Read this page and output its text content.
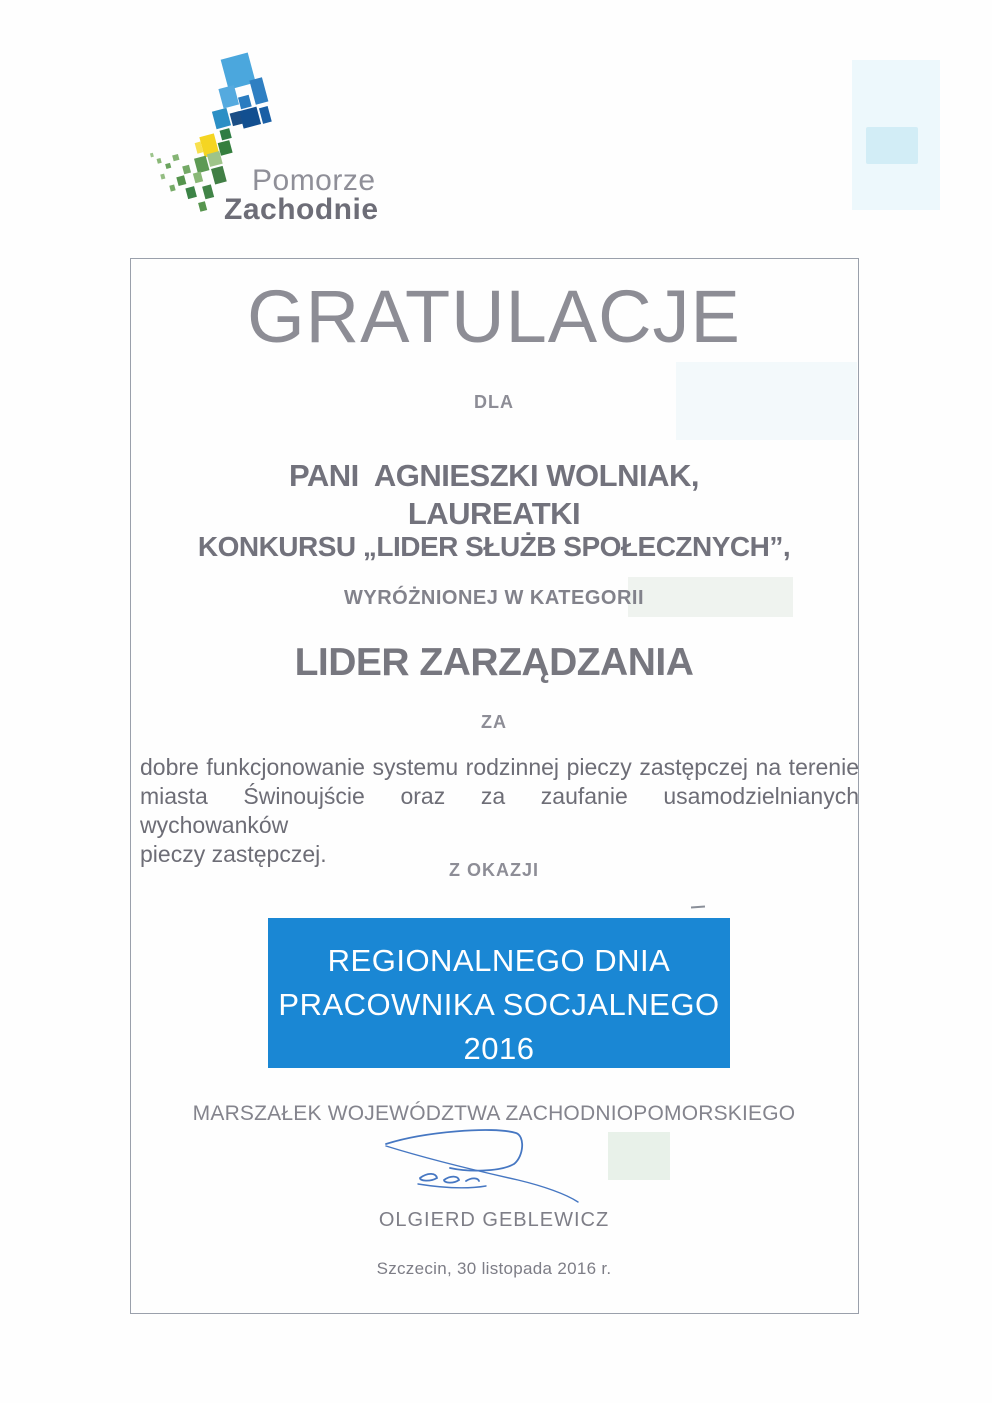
Pomorze
Zachodnie
GRATULACJE
DLA
PANI  AGNIESZKI WOLNIAK,
LAUREATKI
KONKURSU „LIDER SŁUŻB SPOŁECZNYCH”,
WYRÓŻNIONEJ W KATEGORII
LIDER ZARZĄDZANIA
ZA
dobre funkcjonowanie systemu rodzinnej pieczy zastępczej na terenie
miasta Świnoujście oraz za zaufanie usamodzielnianych wychowanków
pieczy zastępczej.
Z OKAZJI
REGIONALNEGO DNIA
PRACOWNIKA SOCJALNEGO
2016
MARSZAŁEK WOJEWÓDZTWA ZACHODNIOPOMORSKIEGO
OLGIERD GEBLEWICZ
Szczecin, 30 listopada 2016 r.
